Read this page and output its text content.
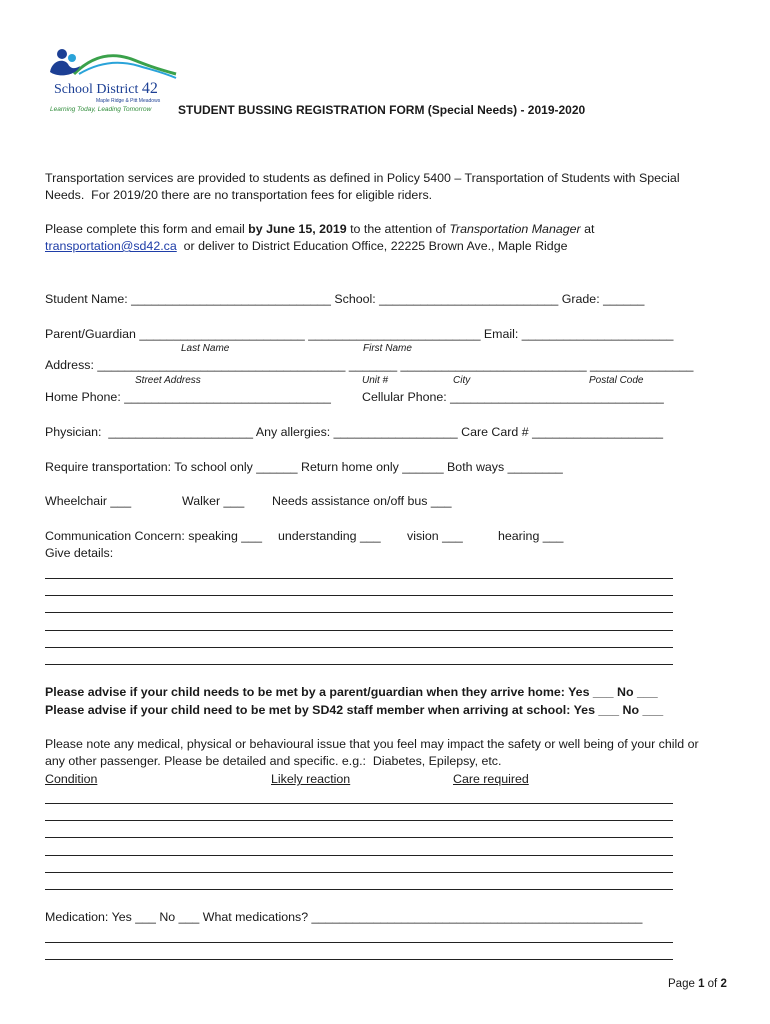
School District 42
Maple Ridge & Pitt Meadows
Learning Today, Leading Tomorrow STUDENT BUSSING REGISTRATION FORM (Special Needs) - 2019-2020
Transportation services are provided to students as defined in Policy 5400 – Transportation of Students with Special
Needs.  For 2019/20 there are no transportation fees for eligible riders.
Please complete this form and email by June 15, 2019 to the attention of Transportation Manager at
transportation@sd42.ca  or deliver to District Education Office, 22225 Brown Ave., Maple Ridge
Student Name: _____________________________ School: __________________________ Grade: ______
Parent/Guardian ________________________ _________________________ Email: ______________________
Last Name	First Name
Address: ____________________________________ _______ ___________________________ _______________
Street Address	Unit #	City	Postal Code
Home Phone: ______________________________	Cellular Phone: _______________________________
Physician:  _____________________ Any allergies: __________________ Care Card # ___________________
Require transportation: To school only ______ Return home only ______ Both ways ________
Wheelchair ___	Walker ___ Needs assistance on/off bus ___
Communication Concern: speaking ___ understanding ___ vision ___	hearing ___
Give details:
Please advise if your child needs to be met by a parent/guardian when they arrive home: Yes ___ No ___
Please advise if your child need to be met by SD42 staff member when arriving at school: Yes ___ No ___
Please note any medical, physical or behavioural issue that you feel may impact the safety or well being of your child or
any other passenger. Please be detailed and specific. e.g.:  Diabetes, Epilepsy, etc.
Condition	Likely reaction	Care required
Medication: Yes ___ No ___ What medications? ________________________________________________
Page 1 of 2
